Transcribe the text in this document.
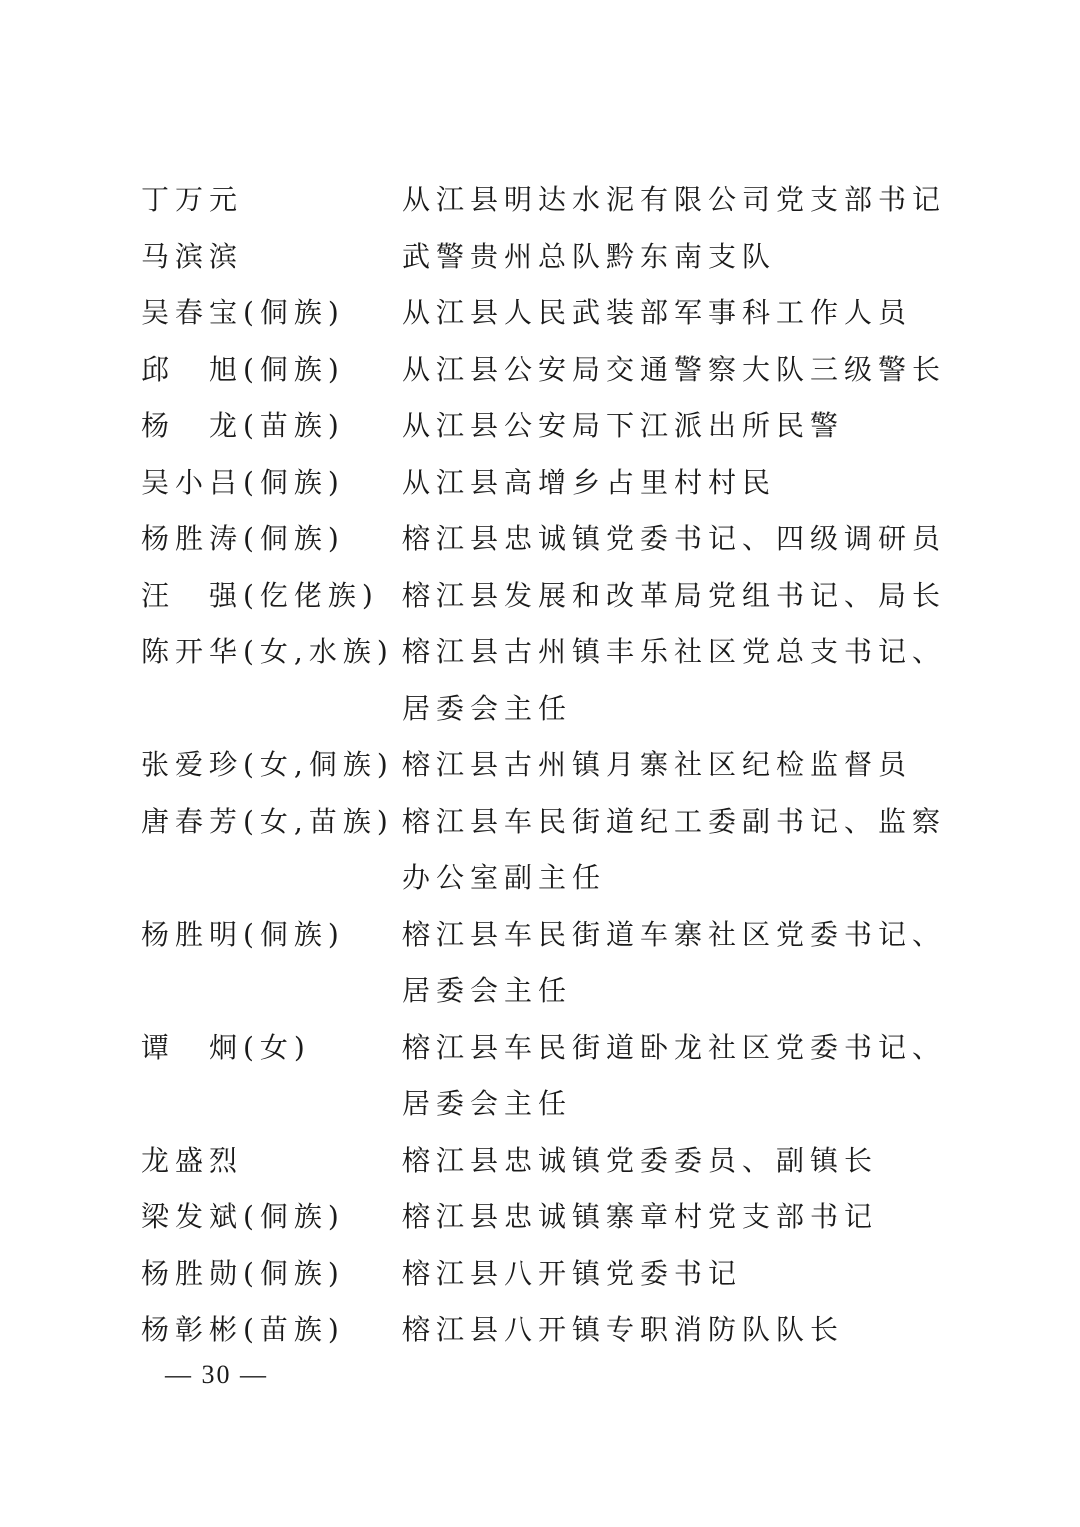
丁万元	从江县明达水泥有限公司党支部书记
马滨滨	武警贵州总队黔东南支队
吴春宝(侗族) 从江县人民武装部军事科工作人员
邱　旭(侗族) 从江县公安局交通警察大队三级警长
杨　龙(苗族) 从江县公安局下江派出所民警
吴小吕(侗族) 从江县高增乡占里村村民
杨胜涛(侗族) 榕江县忠诚镇党委书记、四级调研员
汪　强(仡佬族) 榕江县发展和改革局党组书记、局长
陈开华(女,水族) 榕江县古州镇丰乐社区党总支书记、居委会主任
张爱珍(女,侗族) 榕江县古州镇月寨社区纪检监督员
唐春芳(女,苗族) 榕江县车民街道纪工委副书记、监察办公室副主任
杨胜明(侗族) 榕江县车民街道车寨社区党委书记、居委会主任
谭　炯(女)	榕江县车民街道卧龙社区党委书记、居委会主任
龙盛烈	榕江县忠诚镇党委委员、副镇长
梁发斌(侗族) 榕江县忠诚镇寨章村党支部书记
杨胜勋(侗族) 榕江县八开镇党委书记
杨彰彬(苗族) 榕江县八开镇专职消防队队长
— 30 —
